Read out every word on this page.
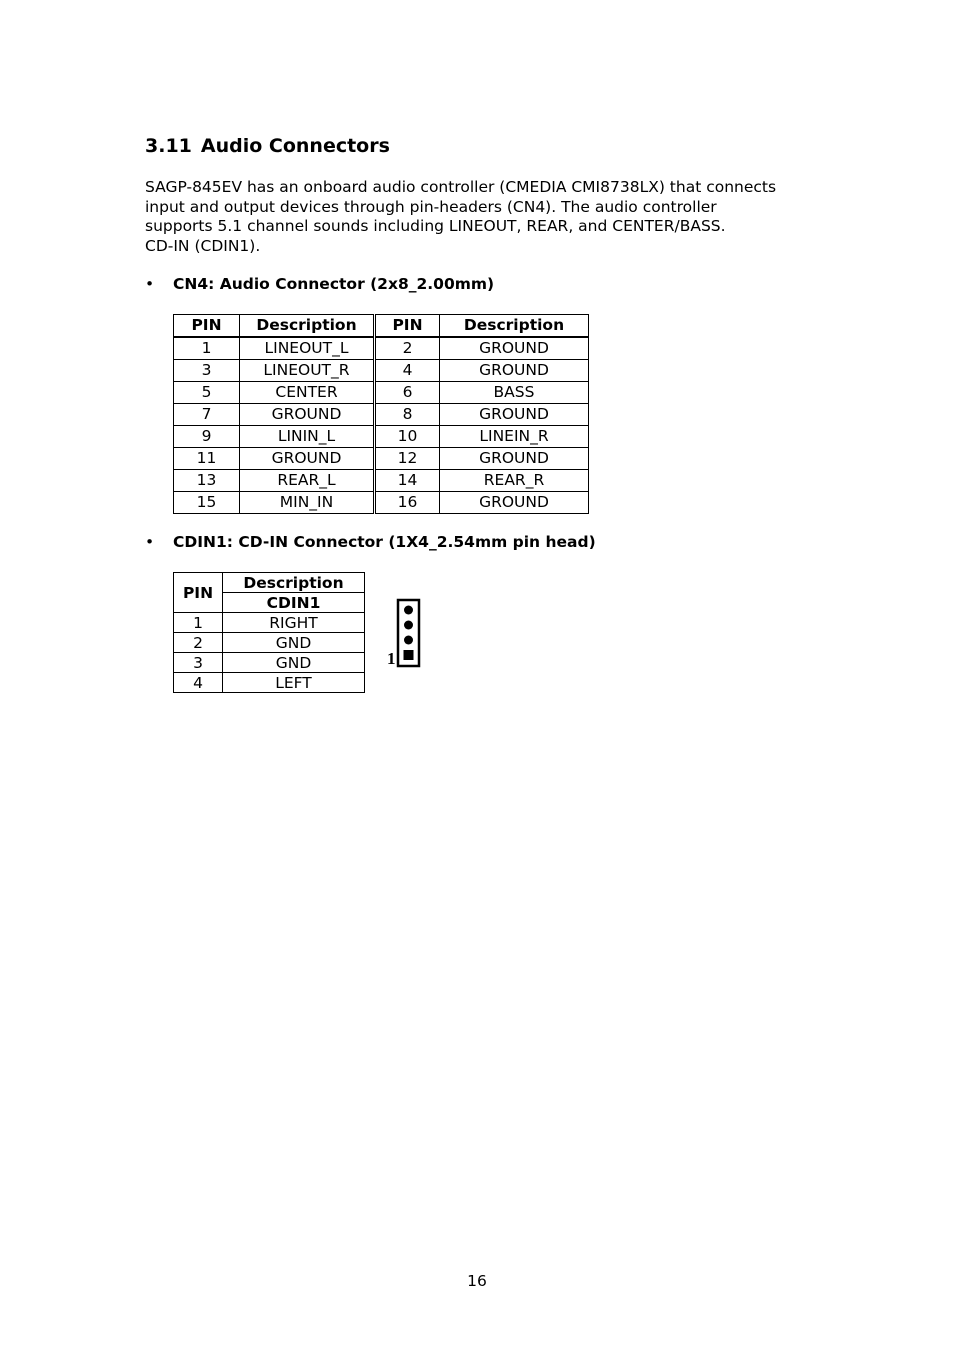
3.11 Audio Connectors

SAGP-845EV has an onboard audio controller (CMEDIA CMI8738LX) that connects
input and output devices through pin-headers (CN4). The audio controller
supports 5.1 channel sounds including LINEOUT, REAR, and CENTER/BASS.
CD-IN (CDIN1).

• CN4: Audio Connector (2x8_2.00mm)
PIN	Description	PIN	Description
1	LINEOUT_L	2	GROUND
3	LINEOUT_R	4	GROUND
5	CENTER	6	BASS
7	GROUND	8	GROUND
9	LININ_L	10	LINEIN_R
11	GROUND	12	GROUND
13	REAR_L	14	REAR_R
15	MIN_IN	16	GROUND
• CDIN1: CD-IN Connector (1X4_2.54mm pin head)
PIN	Description
	CDIN1
1	RIGHT
2	GND
3	GND
4	LEFT
1
16
